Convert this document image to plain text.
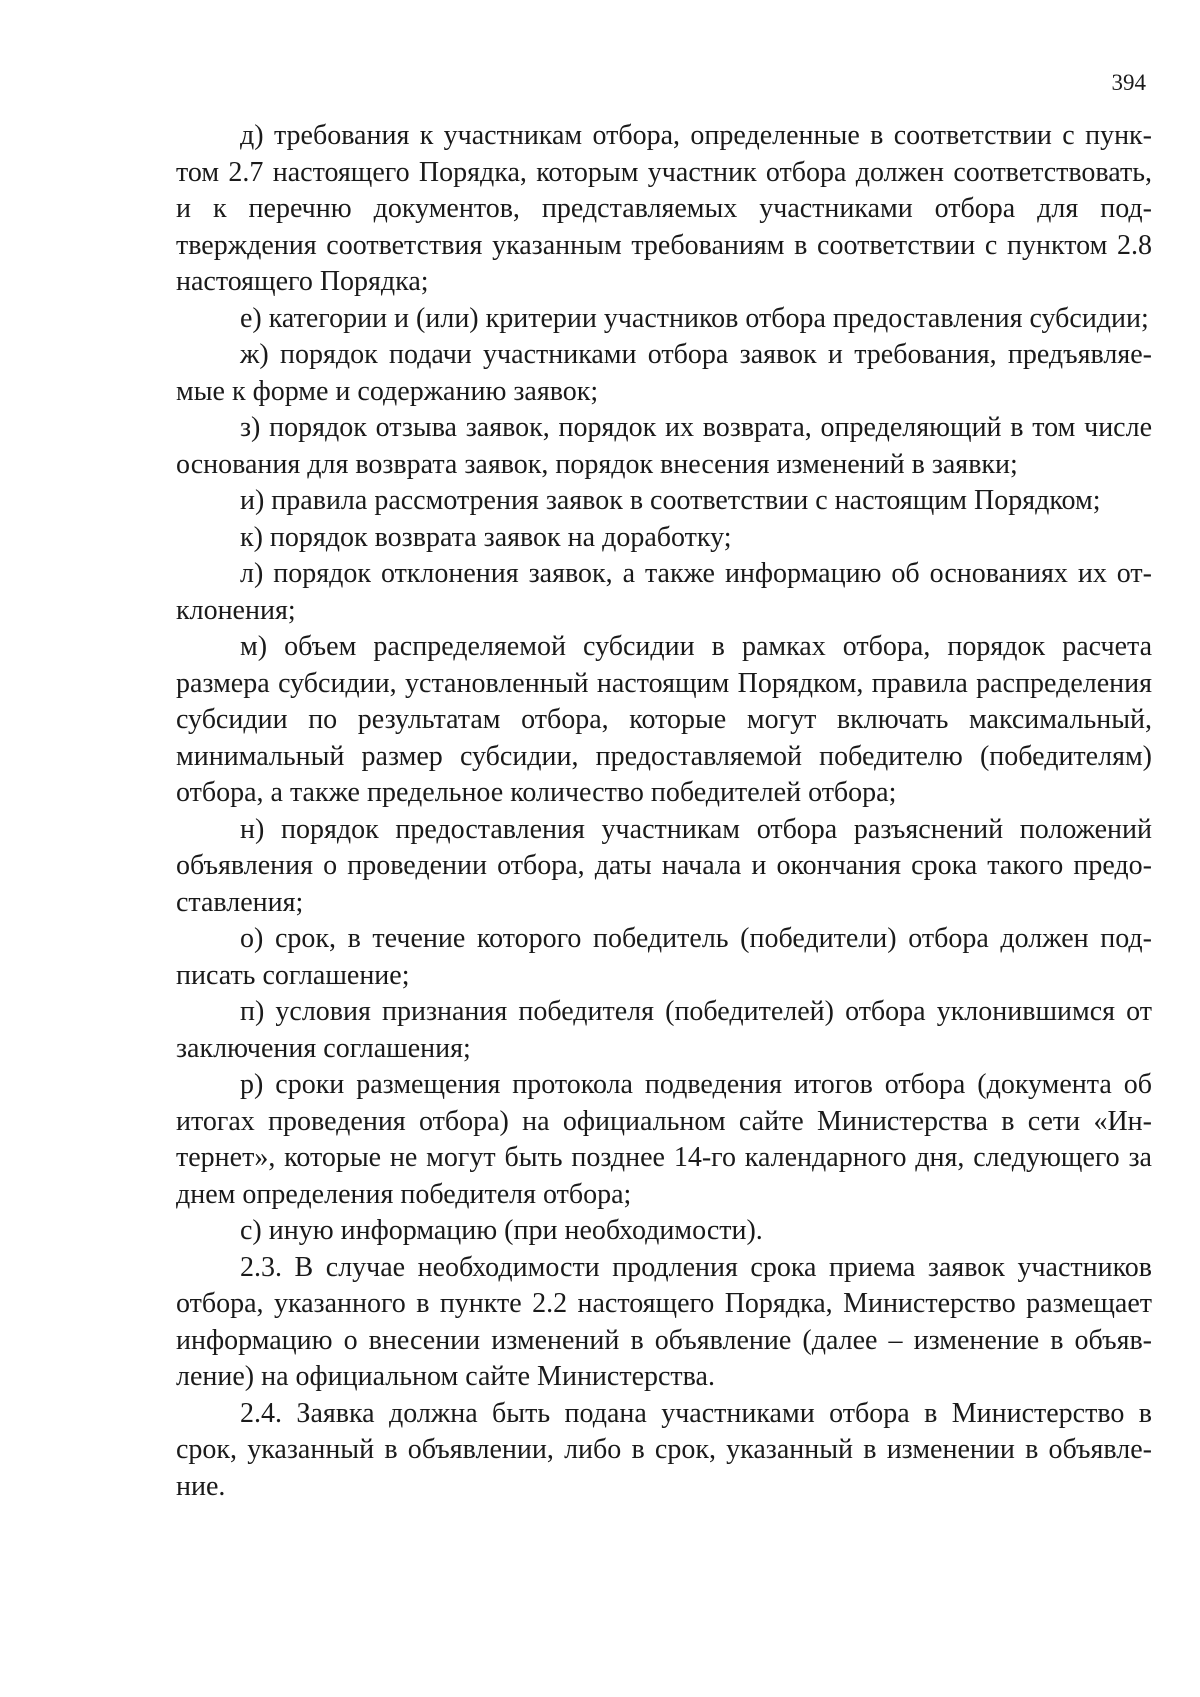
394

д) требования к участникам отбора, определенные в соответствии с пунктом 2.7 настоящего Порядка, которым участник отбора должен соответствовать, и к перечню документов, представляемых участниками отбора для подтверждения соответствия указанным требованиям в соответствии с пунктом 2.8 настоящего Порядка;

е) категории и (или) критерии участников отбора предоставления субсидии;

ж) порядок подачи участниками отбора заявок и требования, предъявляемые к форме и содержанию заявок;

з) порядок отзыва заявок, порядок их возврата, определяющий в том числе основания для возврата заявок, порядок внесения изменений в заявки;

и) правила рассмотрения заявок в соответствии с настоящим Порядком;

к) порядок возврата заявок на доработку;

л) порядок отклонения заявок, а также информацию об основаниях их отклонения;

м) объем распределяемой субсидии в рамках отбора, порядок расчета размера субсидии, установленный настоящим Порядком, правила распределения субсидии по результатам отбора, которые могут включать максимальный, минимальный размер субсидии, предоставляемой победителю (победителям) отбора, а также предельное количество победителей отбора;

н) порядок предоставления участникам отбора разъяснений положений объявления о проведении отбора, даты начала и окончания срока такого предоставления;

о) срок, в течение которого победитель (победители) отбора должен подписать соглашение;

п) условия признания победителя (победителей) отбора уклонившимся от заключения соглашения;

р) сроки размещения протокола подведения итогов отбора (документа об итогах проведения отбора) на официальном сайте Министерства в сети «Интернет», которые не могут быть позднее 14-го календарного дня, следующего за днем определения победителя отбора;

с) иную информацию (при необходимости).

2.3. В случае необходимости продления срока приема заявок участников отбора, указанного в пункте 2.2 настоящего Порядка, Министерство размещает информацию о внесении изменений в объявление (далее – изменение в объявление) на официальном сайте Министерства.

2.4. Заявка должна быть подана участниками отбора в Министерство в срок, указанный в объявлении, либо в срок, указанный в изменении в объявление.
